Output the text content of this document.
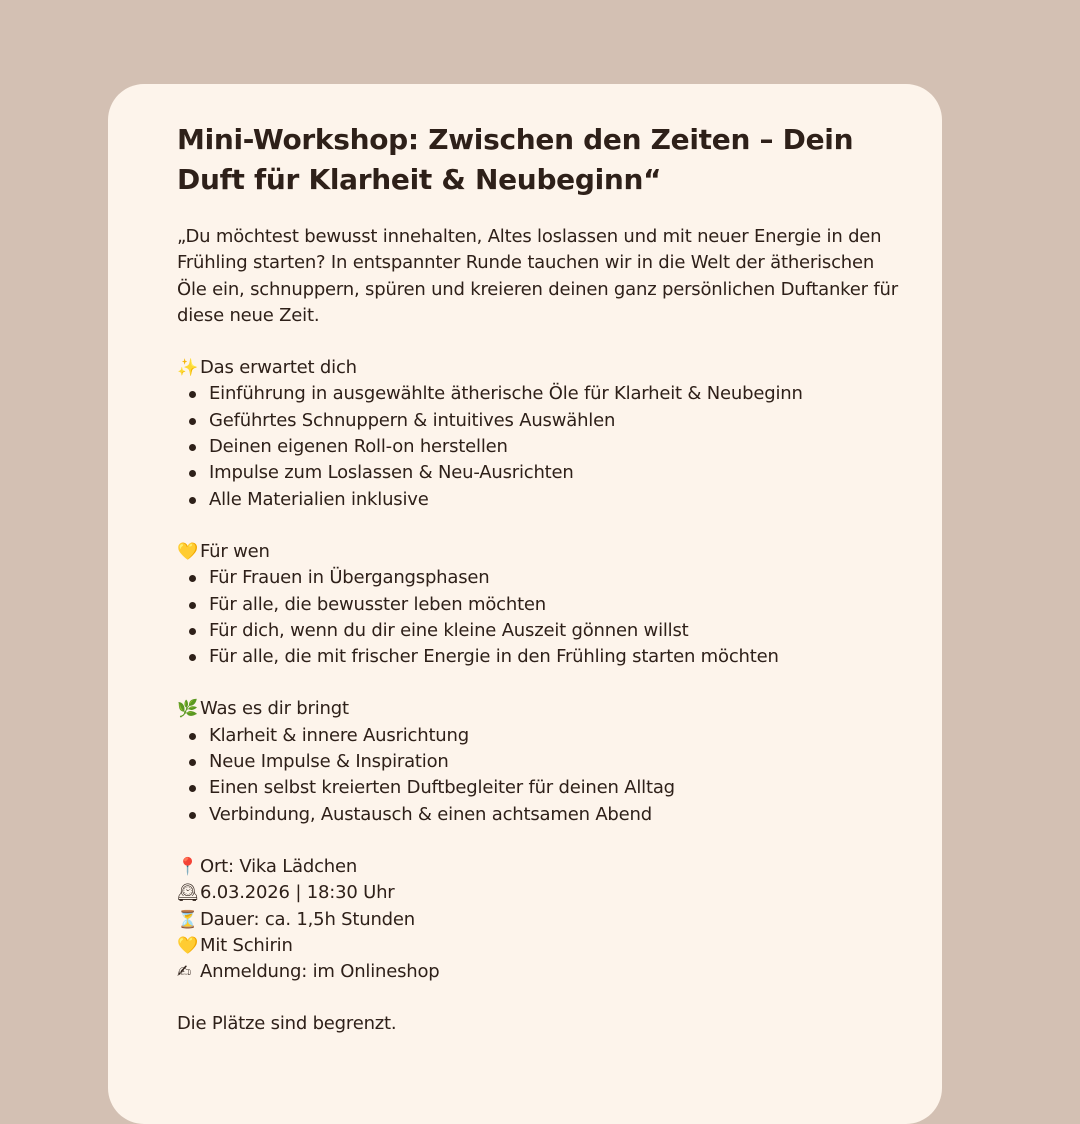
Mini-Workshop: Zwischen den Zeiten – Dein Duft für Klarheit & Neubeginn“

„Du möchtest bewusst innehalten, Altes loslassen und mit neuer Energie in den Frühling starten? In entspannter Runde tauchen wir in die Welt der ätherischen Öle ein, schnuppern, spüren und kreieren deinen ganz persönlichen Duftanker für diese neue Zeit.

✨ Das erwartet dich
Einführung in ausgewählte ätherische Öle für Klarheit & Neubeginn
Geführtes Schnuppern & intuitives Auswählen
Deinen eigenen Roll-on herstellen
Impulse zum Loslassen & Neu-Ausrichten
Alle Materialien inklusive
💛 Für wen
Für Frauen in Übergangsphasen
Für alle, die bewusster leben möchten
Für dich, wenn du dir eine kleine Auszeit gönnen willst
Für alle, die mit frischer Energie in den Frühling starten möchten
🌿 Was es dir bringt
Klarheit & innere Ausrichtung
Neue Impulse & Inspiration
Einen selbst kreierten Duftbegleiter für deinen Alltag
Verbindung, Austausch & einen achtsamen Abend
📍 Ort: Vika Lädchen
🕰6.03.2026 | 18:30 Uhr
⏳ Dauer: ca. 1,5h Stunden
💛 Mit Schirin
✍ Anmeldung: im Onlineshop
Die Plätze sind begrenzt.
